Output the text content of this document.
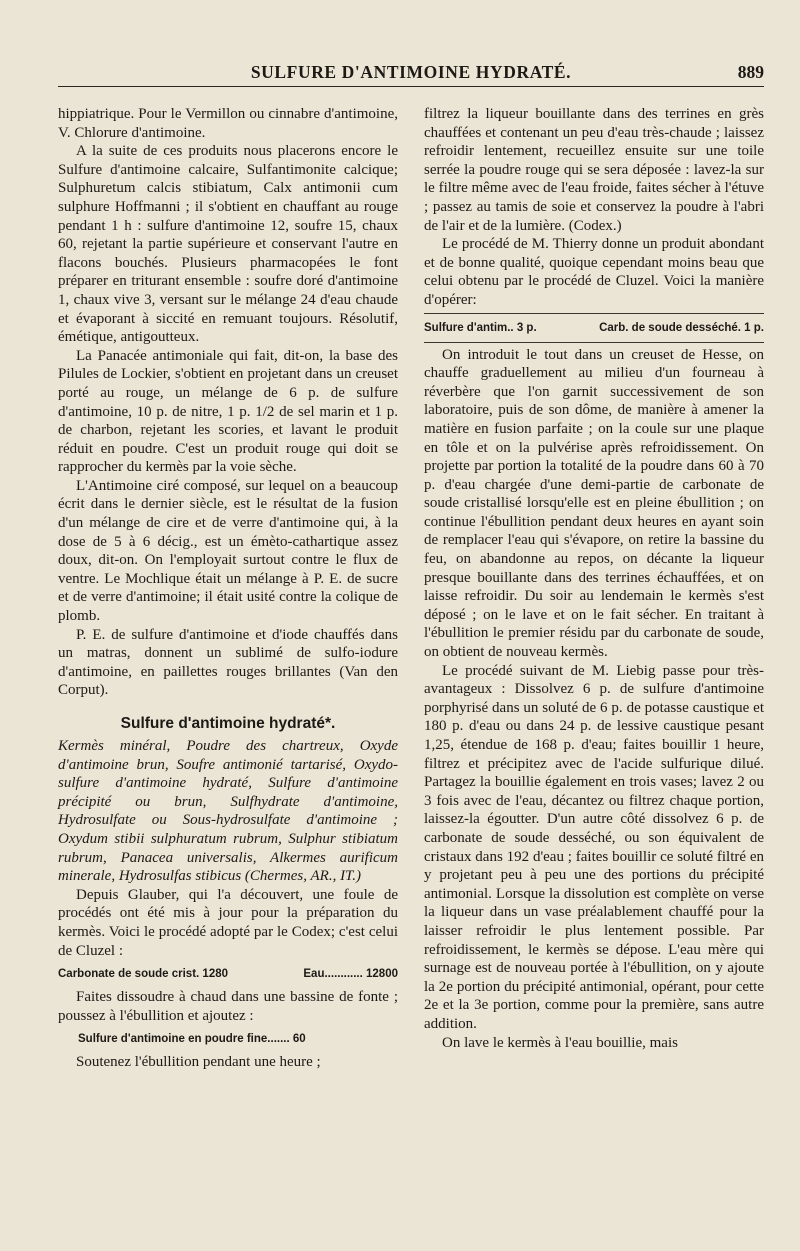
SULFURE D'ANTIMOINE HYDRATÉ.	889

hippiatrique. Pour le Vermillon ou cinnabre d'antimoine, V. Chlorure d'antimoine.

A la suite de ces produits nous placerons encore le Sulfure d'antimoine calcaire, Sulfantimonite calcique; Sulphuretum calcis stibiatum, Calx antimonii cum sulphure Hoffmanni ; il s'obtient en chauffant au rouge pendant 1 h : sulfure d'antimoine 12, soufre 15, chaux 60, rejetant la partie supérieure et conservant l'autre en flacons bouchés. Plusieurs pharmacopées le font préparer en triturant ensemble : soufre doré d'antimoine 1, chaux vive 3, versant sur le mélange 24 d'eau chaude et évaporant à siccité en remuant toujours. Résolutif, émétique, antigoutteux.

La Panacée antimoniale qui fait, dit-on, la base des Pilules de Lockier, s'obtient en projetant dans un creuset porté au rouge, un mélange de 6 p. de sulfure d'antimoine, 10 p. de nitre, 1 p. 1/2 de sel marin et 1 p. de charbon, rejetant les scories, et lavant le produit réduit en poudre. C'est un produit rouge qui doit se rapprocher du kermès par la voie sèche.

L'Antimoine ciré composé, sur lequel on a beaucoup écrit dans le dernier siècle, est le résultat de la fusion d'un mélange de cire et de verre d'antimoine qui, à la dose de 5 à 6 décig., est un émèto-cathartique assez doux, dit-on. On l'employait surtout contre le flux de ventre. Le Mochlique était un mélange à P. E. de sucre et de verre d'antimoine; il était usité contre la colique de plomb.

P. E. de sulfure d'antimoine et d'iode chauffés dans un matras, donnent un sublimé de sulfo-iodure d'antimoine, en paillettes rouges brillantes (Van den Corput).

Sulfure d'antimoine hydraté*.

Kermès minéral, Poudre des chartreux, Oxyde d'antimoine brun, Soufre antimonié tartarisé, Oxydo-sulfure d'antimoine hydraté, Sulfure d'antimoine précipité ou brun, Sulfhydrate d'antimoine, Hydrosulfate ou Sous-hydrosulfate d'antimoine ; Oxydum stibii sulphuratum rubrum, Sulphur stibiatum rubrum, Panacea universalis, Alkermes aurificum minerale, Hydrosulfas stibicus (Chermes, AR., IT.)

Depuis Glauber, qui l'a découvert, une foule de procédés ont été mis à jour pour la préparation du kermès. Voici le procédé adopté par le Codex; c'est celui de Cluzel :

Carbonate de soude crist. 1280	Eau............ 12800

Faites dissoudre à chaud dans une bassine de fonte ; poussez à l'ébullition et ajoutez :

Sulfure d'antimoine en poudre fine....... 60

Soutenez l'ébullition pendant une heure ;

filtrez la liqueur bouillante dans des terrines en grès chauffées et contenant un peu d'eau très-chaude ; laissez refroidir lentement, recueillez ensuite sur une toile serrée la poudre rouge qui se sera déposée : lavez-la sur le filtre même avec de l'eau froide, faites sécher à l'étuve ; passez au tamis de soie et conservez la poudre à l'abri de l'air et de la lumière. (Codex.)

Le procédé de M. Thierry donne un produit abondant et de bonne qualité, quoique cependant moins beau que celui obtenu par le procédé de Cluzel. Voici la manière d'opérer:

Sulfure d'antim.. 3 p.	Carb. de soude desséché. 1 p.

On introduit le tout dans un creuset de Hesse, on chauffe graduellement au milieu d'un fourneau à réverbère que l'on garnit successivement de son laboratoire, puis de son dôme, de manière à amener la matière en fusion parfaite ; on la coule sur une plaque en tôle et on la pulvérise après refroidissement. On projette par portion la totalité de la poudre dans 60 à 70 p. d'eau chargée d'une demi-partie de carbonate de soude cristallisé lorsqu'elle est en pleine ébullition ; on continue l'ébullition pendant deux heures en ayant soin de remplacer l'eau qui s'évapore, on retire la bassine du feu, on abandonne au repos, on décante la liqueur presque bouillante dans des terrines échauffées, et on laisse refroidir. Du soir au lendemain le kermès s'est déposé ; on le lave et on le fait sécher. En traitant à l'ébullition le premier résidu par du carbonate de soude, on obtient de nouveau kermès.

Le procédé suivant de M. Liebig passe pour très-avantageux : Dissolvez 6 p. de sulfure d'antimoine porphyrisé dans un soluté de 6 p. de potasse caustique et 180 p. d'eau ou dans 24 p. de lessive caustique pesant 1,25, étendue de 168 p. d'eau; faites bouillir 1 heure, filtrez et précipitez avec de l'acide sulfurique dilué. Partagez la bouillie également en trois vases; lavez 2 ou 3 fois avec de l'eau, décantez ou filtrez chaque portion, laissez-la égoutter. D'un autre côté dissolvez 6 p. de carbonate de soude desséché, ou son équivalent de cristaux dans 192 d'eau ; faites bouillir ce soluté filtré en y projetant peu à peu une des portions du précipité antimonial. Lorsque la dissolution est complète on verse la liqueur dans un vase préalablement chauffé pour la laisser refroidir le plus lentement possible. Par refroidissement, le kermès se dépose. L'eau mère qui surnage est de nouveau portée à l'ébullition, on y ajoute la 2e portion du précipité antimonial, opérant, pour cette 2e et la 3e portion, comme pour la première, sans autre addition.

On lave le kermès à l'eau bouillie, mais
